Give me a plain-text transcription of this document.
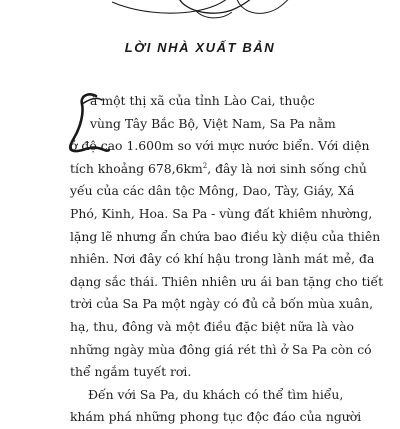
LỜI NHÀ XUẤT BẢN
L
à một thị xã của tỉnh Lào Cai, thuộc
vùng Tây Bắc Bộ, Việt Nam, Sa Pa nằm
ở độ cao 1.600m so với mực nước biển. Với diện
tích khoảng $678,6km^2$, đây là nơi sinh sống chủ
yếu của các dân tộc Mông, Dao, Tày, Giáy, Xá
Phó, Kinh, Hoa. Sa Pa - vùng đất khiêm nhường,
lặng lẽ nhưng ẩn chứa bao điều kỳ diệu của thiên
nhiên. Nơi đây có khí hậu trong lành mát mẻ, đa
dạng sắc thái. Thiên nhiên ưu ái ban tặng cho tiết
trời của Sa Pa một ngày có đủ cả bốn mùa xuân,
hạ, thu, đông và một điều đặc biệt nữa là vào
những ngày mùa đông giá rét thì ở Sa Pa còn có
thể ngắm tuyết rơi.
Đến với Sa Pa, du khách có thể tìm hiểu,
khám phá những phong tục độc đáo của người
